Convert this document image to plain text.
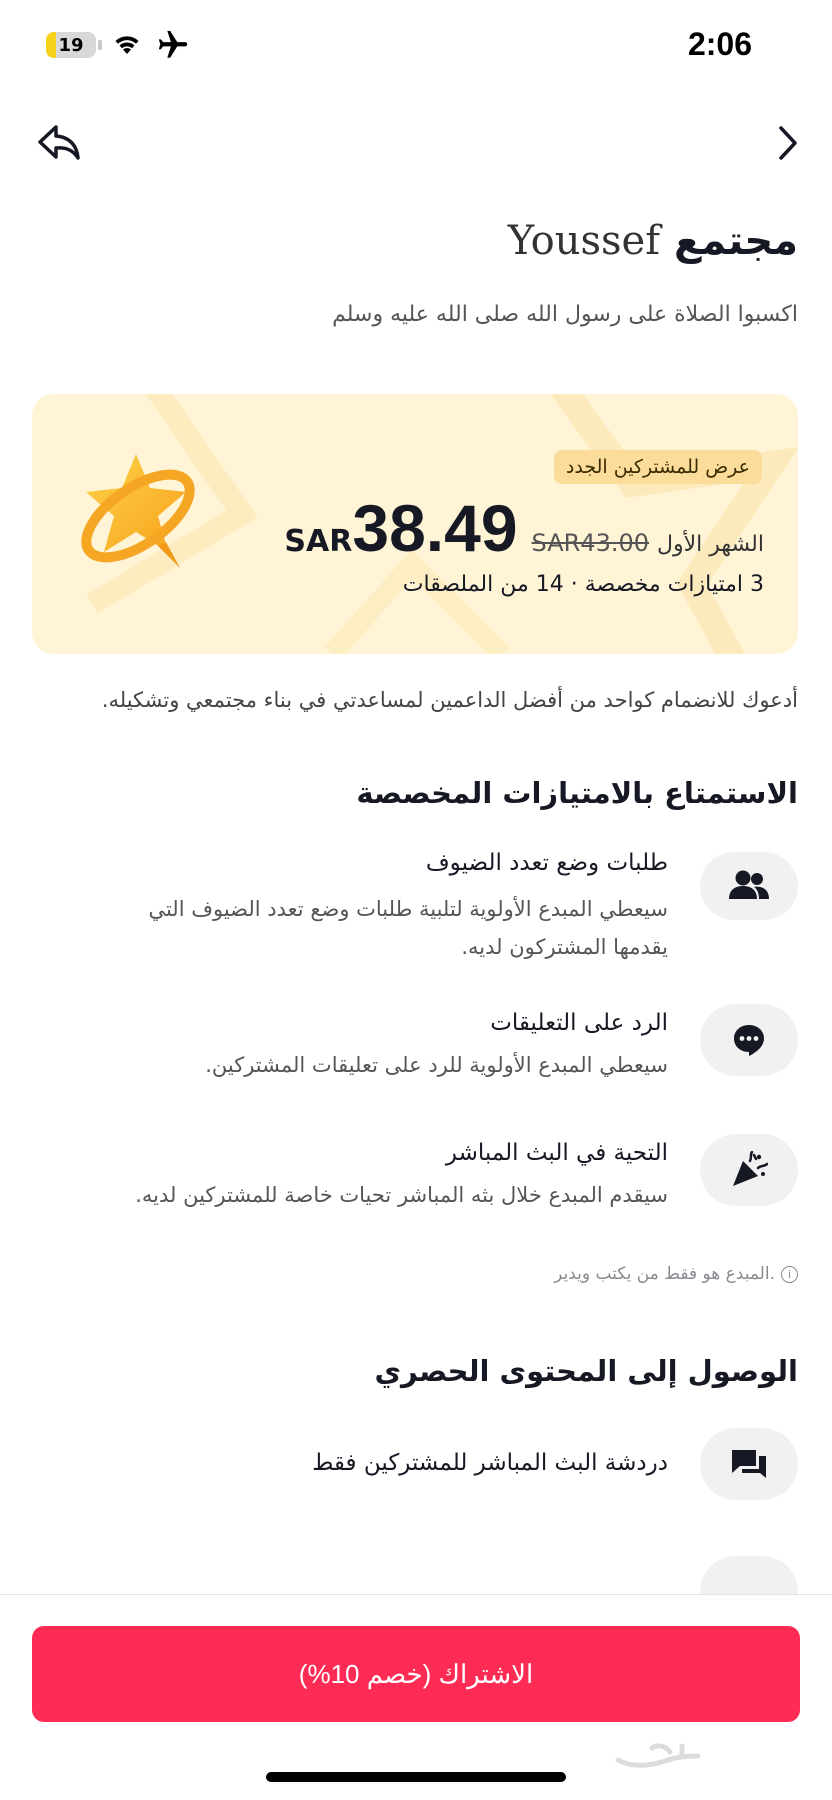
19	2:06
مجتمع Youssef
اكسبوا الصلاة على رسول الله صلى الله عليه وسلم
عرض للمشتركين الجدد
SAR 38.49 SAR43.00 الشهر الأول
3 امتيازات مخصصة · 14 من الملصقات
أدعوك للانضمام كواحد من أفضل الداعمين لمساعدتي في بناء مجتمعي وتشكيله.
الاستمتاع بالامتيازات المخصصة
طلبات وضع تعدد الضيوف
سيعطي المبدع الأولوية لتلبية طلبات وضع تعدد الضيوف التي
يقدمها المشتركون لديه.
الرد على التعليقات
سيعطي المبدع الأولوية للرد على تعليقات المشتركين.
التحية في البث المباشر
سيقدم المبدع خلال بثه المباشر تحيات خاصة للمشتركين لديه.
المبدع هو فقط من يكتب ويدير.	i
الوصول إلى المحتوى الحصري
دردشة البث المباشر للمشتركين فقط
الاشتراك (خصم 10%)
